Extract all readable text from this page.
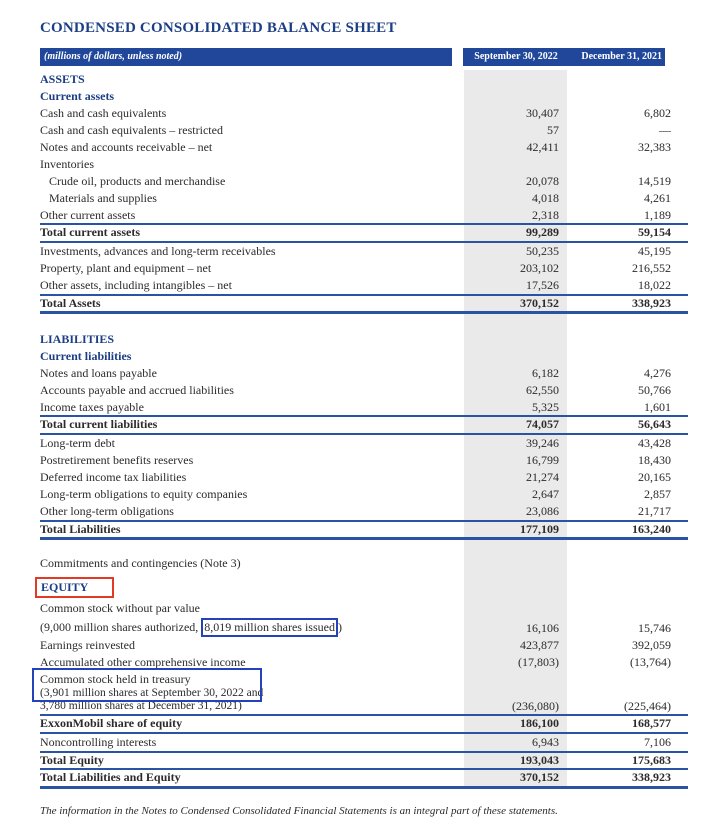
CONDENSED CONSOLIDATED BALANCE SHEET
(millions of dollars, unless noted)	September 30, 2022	December 31, 2021
ASSETS
Current assets
Cash and cash equivalents	30,407	6,802
Cash and cash equivalents – restricted	57	—
Notes and accounts receivable – net	42,411	32,383
Inventories
Crude oil, products and merchandise	20,078	14,519
Materials and supplies	4,018	4,261
Other current assets	2,318	1,189
Total current assets	99,289	59,154
Investments, advances and long-term receivables	50,235	45,195
Property, plant and equipment – net	203,102	216,552
Other assets, including intangibles – net	17,526	18,022
Total Assets	370,152	338,923
LIABILITIES
Current liabilities
Notes and loans payable	6,182	4,276
Accounts payable and accrued liabilities	62,550	50,766
Income taxes payable	5,325	1,601
Total current liabilities	74,057	56,643
Long-term debt	39,246	43,428
Postretirement benefits reserves	16,799	18,430
Deferred income tax liabilities	21,274	20,165
Long-term obligations to equity companies	2,647	2,857
Other long-term obligations	23,086	21,717
Total Liabilities	177,109	163,240
Commitments and contingencies (Note 3)
EQUITY
Common stock without par value
(9,000 million shares authorized, 8,019 million shares issued )	16,106	15,746
Earnings reinvested	423,877	392,059
Accumulated other comprehensive income	(17,803)	(13,764)
Common stock held in treasury
(3,901 million shares at September 30, 2022 and
3,780 million shares at December 31, 2021)	(236,080)	(225,464)
ExxonMobil share of equity	186,100	168,577
Noncontrolling interests	6,943	7,106
Total Equity	193,043	175,683
Total Liabilities and Equity	370,152	338,923
The information in the Notes to Condensed Consolidated Financial Statements is an integral part of these statements.
